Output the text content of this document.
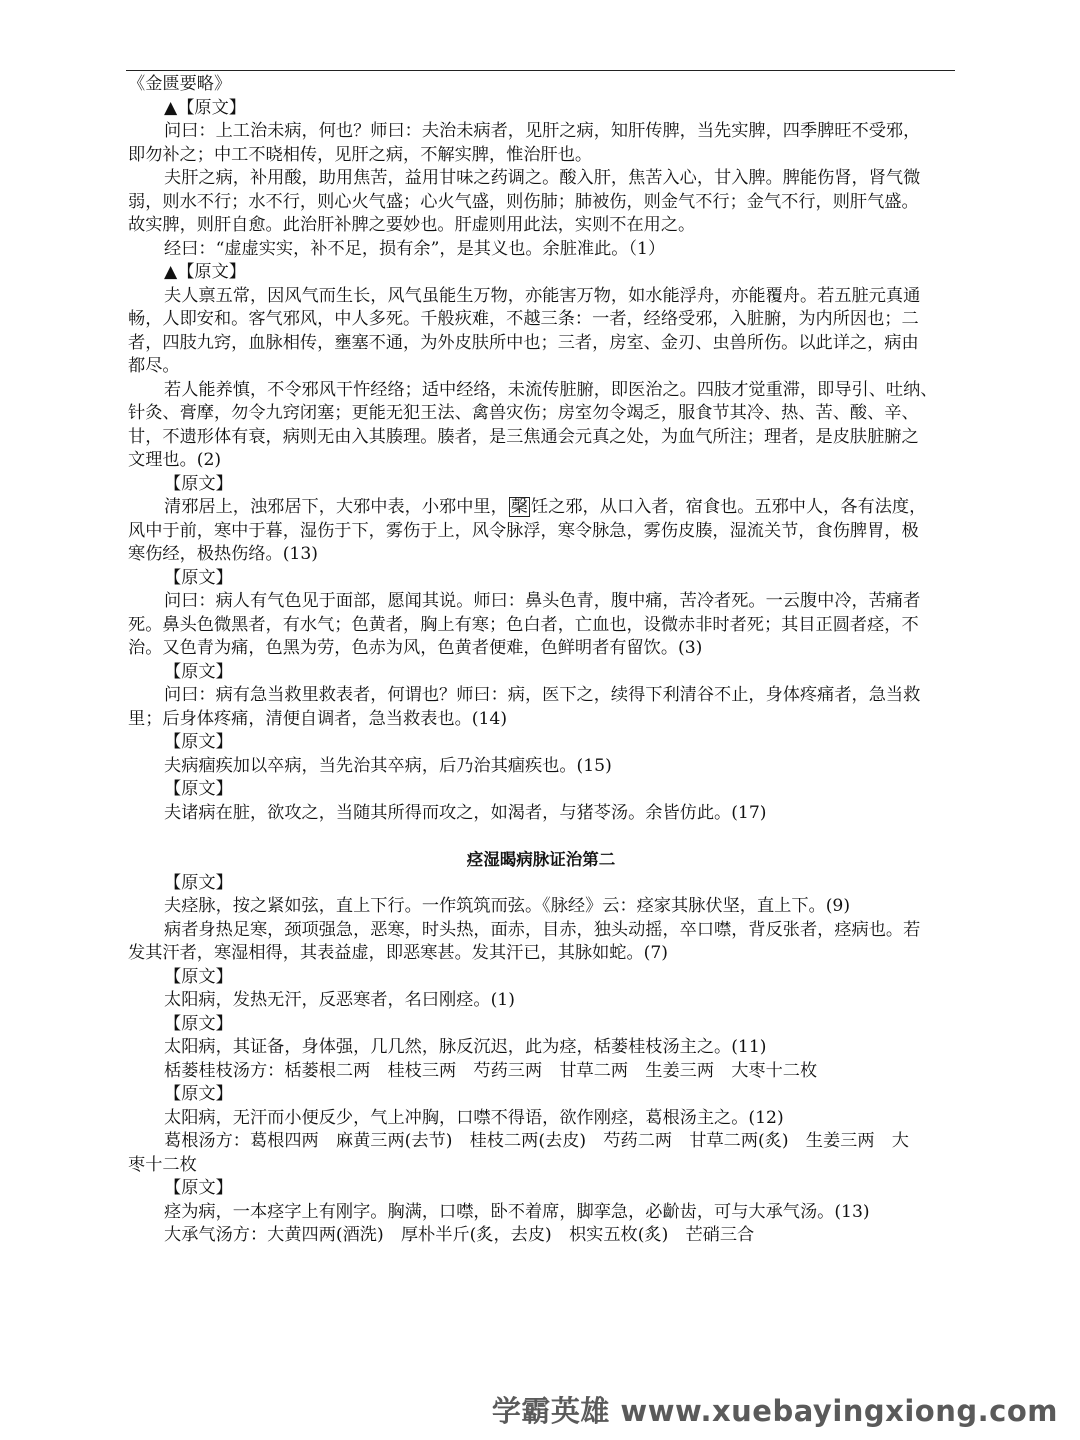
《金匮要略》
▲【原文】
问曰：上工治未病，何也？师曰：夫治未病者，见肝之病，知肝传脾，当先实脾，四季脾旺不受邪，
即勿补之；中工不晓相传，见肝之病，不解实脾，惟治肝也。
夫肝之病，补用酸，助用焦苦，益用甘味之药调之。酸入肝，焦苦入心，甘入脾。脾能伤肾，肾气微
弱，则水不行；水不行，则心火气盛；心火气盛，则伤肺；肺被伤，则金气不行；金气不行，则肝气盛。
故实脾，则肝自愈。此治肝补脾之要妙也。肝虚则用此法，实则不在用之。
经曰：“虚虚实实，补不足，损有余”，是其义也。余脏准此。（1）
▲【原文】
夫人禀五常，因风气而生长，风气虽能生万物，亦能害万物，如水能浮舟，亦能覆舟。若五脏元真通
畅，人即安和。客气邪风，中人多死。千般疢难，不越三条：一者，经络受邪，入脏腑，为内所因也；二
者，四肢九窍，血脉相传，壅塞不通，为外皮肤所中也；三者，房室、金刃、虫兽所伤。以此详之，病由
都尽。
若人能养慎，不令邪风干忤经络；适中经络，未流传脏腑，即医治之。四肢才觉重滞，即导引、吐纳、
针灸、膏摩，勿令九窍闭塞；更能无犯王法、禽兽灾伤；房室勿令竭乏，服食节其冷、热、苦、酸、辛、
甘，不遗形体有衰，病则无由入其腠理。腠者，是三焦通会元真之处，为血气所注；理者，是皮肤脏腑之
文理也。(2)
【原文】
清邪居上，浊邪居下，大邪中表，小邪中里， 䅽 饪之邪，从口入者，宿食也。五邪中人，各有法度，
风中于前，寒中于暮，湿伤于下，雾伤于上，风令脉浮，寒令脉急，雾伤皮腠，湿流关节，食伤脾胃，极
寒伤经，极热伤络。(13)
【原文】
问曰：病人有气色见于面部，愿闻其说。师曰：鼻头色青，腹中痛，苦冷者死。一云腹中冷，苦痛者
死。鼻头色微黑者，有水气；色黄者，胸上有寒；色白者，亡血也，设微赤非时者死；其目正圆者痉，不
治。又色青为痛，色黑为劳，色赤为风，色黄者便难，色鲜明者有留饮。(3)
【原文】
问曰：病有急当救里救表者，何谓也？师曰：病，医下之，续得下利清谷不止，身体疼痛者，急当救
里；后身体疼痛，清便自调者，急当救表也。(14)
【原文】
夫病痼疾加以卒病，当先治其卒病，后乃治其痼疾也。(15)
【原文】
夫诸病在脏，欲攻之，当随其所得而攻之，如渴者，与猪苓汤。余皆仿此。(17)
痉湿暍病脉证治第二
【原文】
夫痉脉，按之紧如弦，直上下行。一作筑筑而弦。《脉经》云：痉家其脉伏坚，直上下。(9)
病者身热足寒，颈项强急，恶寒，时头热，面赤，目赤，独头动摇，卒口噤，背反张者，痉病也。若
发其汗者，寒湿相得，其表益虚，即恶寒甚。发其汗已，其脉如蛇。(7)
【原文】
太阳病，发热无汗，反恶寒者，名曰刚痉。(1)
【原文】
太阳病，其证备，身体强，几几然，脉反沉迟，此为痉，栝蒌桂枝汤主之。(11)
栝蒌桂枝汤方：栝蒌根二两　桂枝三两　芍药三两　甘草二两　生姜三两　大枣十二枚
【原文】
太阳病，无汗而小便反少，气上冲胸，口噤不得语，欲作刚痉，葛根汤主之。(12)
葛根汤方：葛根四两　麻黄三两(去节)　桂枝二两(去皮)　芍药二两　甘草二两(炙)　生姜三两　大
枣十二枚
【原文】
痉为病，一本痉字上有刚字。胸满，口噤，卧不着席，脚挛急，必齘齿，可与大承气汤。(13)
大承气汤方：大黄四两(酒洗)　厚朴半斤(炙，去皮)　枳实五枚(炙)　芒硝三合
学霸英雄 www.xuebayingxiong.com
